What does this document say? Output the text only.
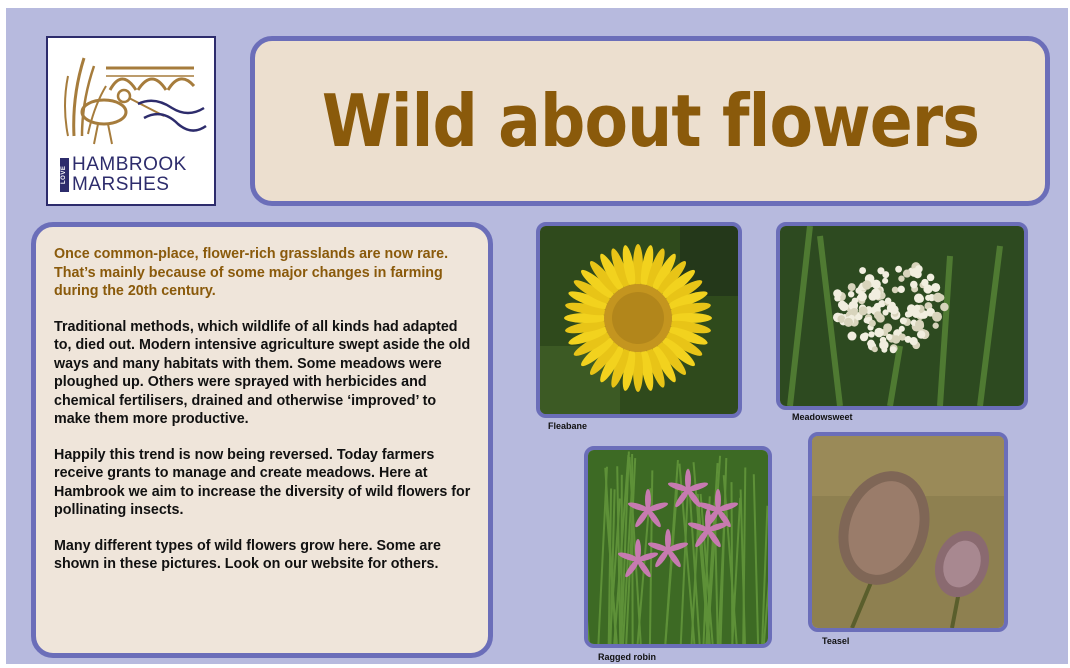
LOVE HAMBROOK
MARSHES
Wild about flowers

Once common-place, flower-rich grasslands are now rare. That’s mainly because of some major changes in farming during the 20th century.

Traditional methods, which wildlife of all kinds had adapted to, died out. Modern intensive agriculture swept aside the old ways and many habitats with them. Some meadows were ploughed up. Others were sprayed with herbicides and chemical fertilisers, drained and otherwise ‘improved’ to make them more productive.

Happily this trend is now being reversed. Today farmers receive grants to manage and create meadows. Here at Hambrook we aim to increase the diversity of wild flowers for pollinating insects.

Many different types of wild flowers grow here. Some are shown in these pictures. Look on our website for others.

Fleabane
Meadowsweet
Ragged robin
Teasel
